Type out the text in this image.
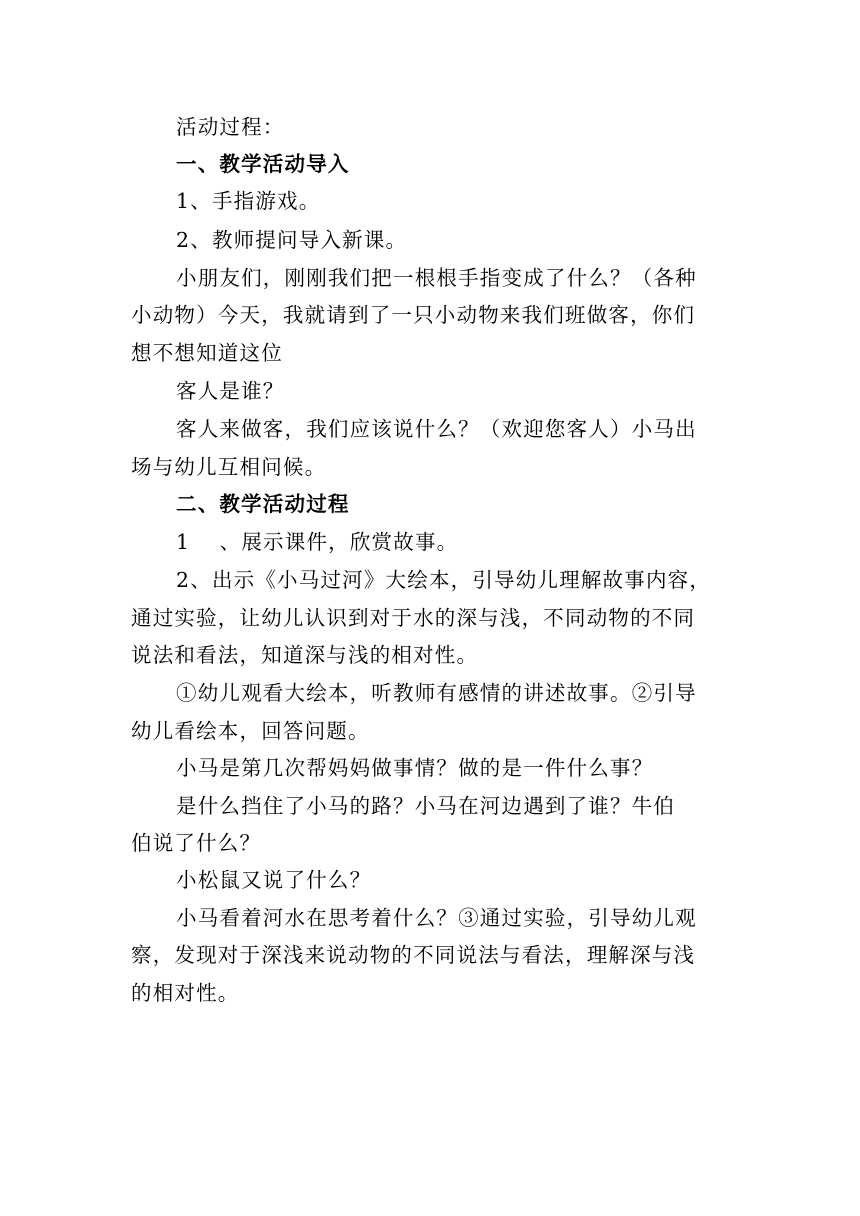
活动过程：
一、教学活动导入
1、手指游戏。
2、教师提问导入新课。
小朋友们，刚刚我们把一根根手指变成了什么？（各种
小动物）今天，我就请到了一只小动物来我们班做客，你们
想不想知道这位
客人是谁？
客人来做客，我们应该说什么？（欢迎您客人）小马出
场与幼儿互相问候。
二、教学活动过程
1　 、展示课件，欣赏故事。
2、出示《小马过河》大绘本，引导幼儿理解故事内容，
通过实验，让幼儿认识到对于水的深与浅，不同动物的不同
说法和看法，知道深与浅的相对性。
①幼儿观看大绘本，听教师有感情的讲述故事。②引导
幼儿看绘本，回答问题。
小马是第几次帮妈妈做事情？做的是一件什么事？
是什么挡住了小马的路？小马在河边遇到了谁？牛伯
伯说了什么？
小松鼠又说了什么？
小马看着河水在思考着什么？③通过实验，引导幼儿观
察，发现对于深浅来说动物的不同说法与看法，理解深与浅
的相对性。
